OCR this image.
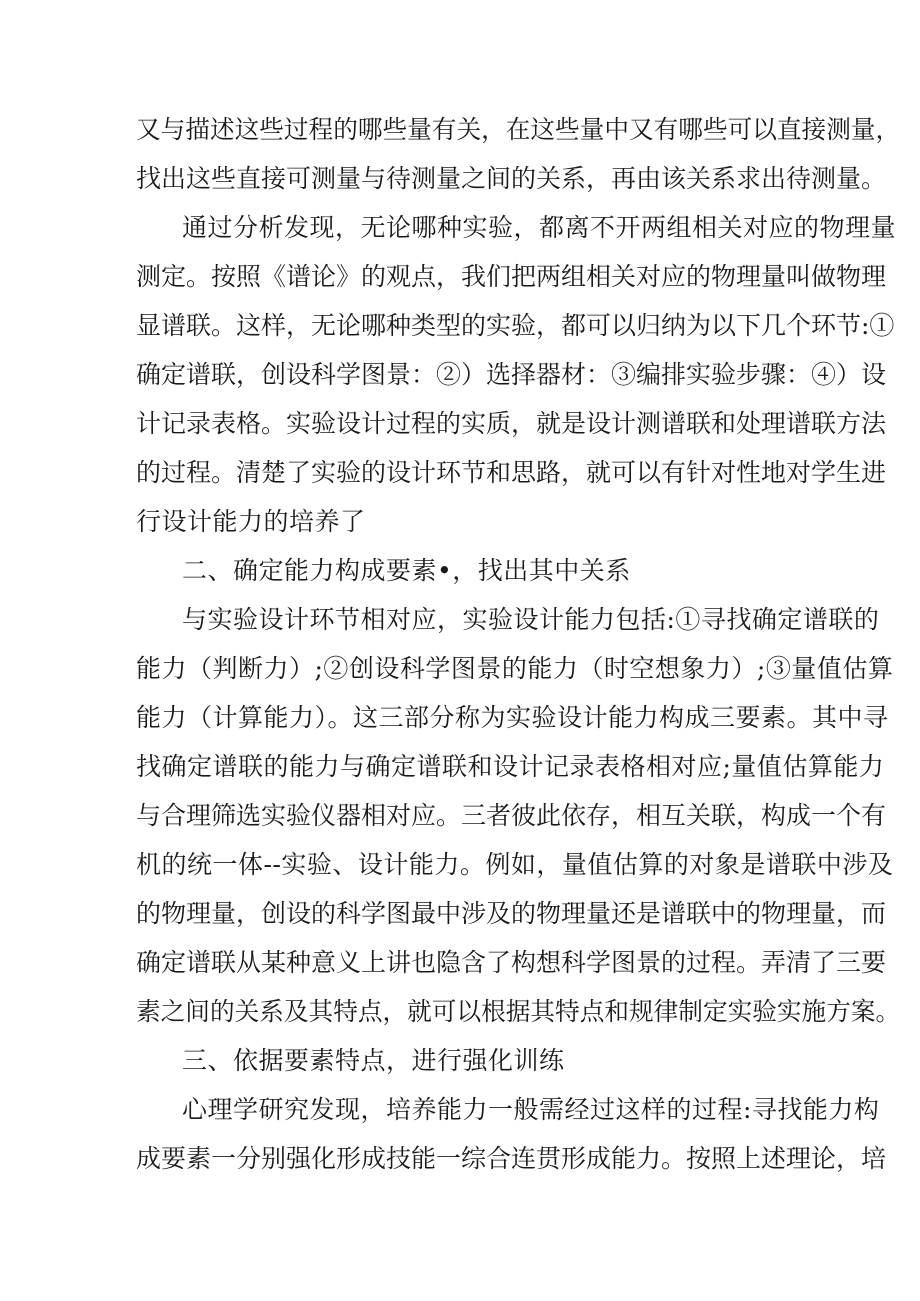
又与描述这些过程的哪些量有关，在这些量中又有哪些可以直接测量，
找出这些直接可测量与待测量之间的关系，再由该关系求出待测量。
通过分析发现，无论哪种实验，都离不开两组相关对应的物理量
测定。按照《谱论》的观点，我们把两组相关对应的物理量叫做物理
显谱联。这样，无论哪种类型的实验，都可以归纳为以下几个环节:①
确定谱联，创设科学图景：②）选择器材：③编排实验步骤：④）设
计记录表格。实验设计过程的实质，就是设计测谱联和处理谱联方法
的过程。清楚了实验的设计环节和思路，就可以有针对性地对学生进
行设计能力的培养了
二、确定能力构成要素•，找出其中关系
与实验设计环节相对应，实验设计能力包括:①寻找确定谱联的
能力（判断力）;②创设科学图景的能力（时空想象力）;③量值估算
能力（计算能力）。这三部分称为实验设计能力构成三要素。其中寻
找确定谱联的能力与确定谱联和设计记录表格相对应;量值估算能力
与合理筛选实验仪器相对应。三者彼此依存，相互关联，构成一个有
机的统一体--实验、设计能力。例如，量值估算的对象是谱联中涉及
的物理量，创设的科学图最中涉及的物理量还是谱联中的物理量，而
确定谱联从某种意义上讲也隐含了构想科学图景的过程。弄清了三要
素之间的关系及其特点，就可以根据其特点和规律制定实验实施方案。
三、依据要素特点，进行强化训练
心理学研究发现，培养能力一般需经过这样的过程:寻找能力构
成要素一分别强化形成技能一综合连贯形成能力。按照上述理论，培
